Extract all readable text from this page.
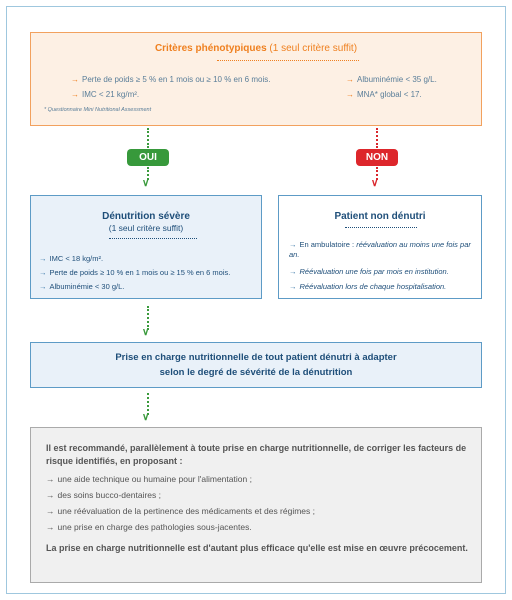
Critères phénotypiques (1 seul critère suffit)
→ Perte de poids ≥ 5 % en 1 mois ou ≥ 10 % en 6 mois.
→ IMC < 21 kg/m².
→ Albuminémie < 35 g/L.
→ MNA* global < 17.
* Questionnaire Mini Nutritional Assessment
OUI
∨
NON
∨
Dénutrition sévère
(1 seul critère suffit)
→ IMC < 18 kg/m².
→ Perte de poids ≥ 10 % en 1 mois ou ≥ 15 % en 6 mois.
→ Albuminémie < 30 g/L.
Patient non dénutri
→ En ambulatoire : réévaluation au moins une fois par an.
→ Réévaluation une fois par mois en institution.
→ Réévaluation lors de chaque hospitalisation.
∨
Prise en charge nutritionnelle de tout patient dénutri à adapter
selon le degré de sévérité de la dénutrition
∨
Il est recommandé, parallèlement à toute prise en charge nutritionnelle, de corriger les facteurs de risque identifiés, en proposant :
→ une aide technique ou humaine pour l'alimentation ;
→ des soins bucco-dentaires ;
→ une réévaluation de la pertinence des médicaments et des régimes ;
→ une prise en charge des pathologies sous-jacentes.
La prise en charge nutritionnelle est d'autant plus efficace qu'elle est mise en œuvre précocement.
